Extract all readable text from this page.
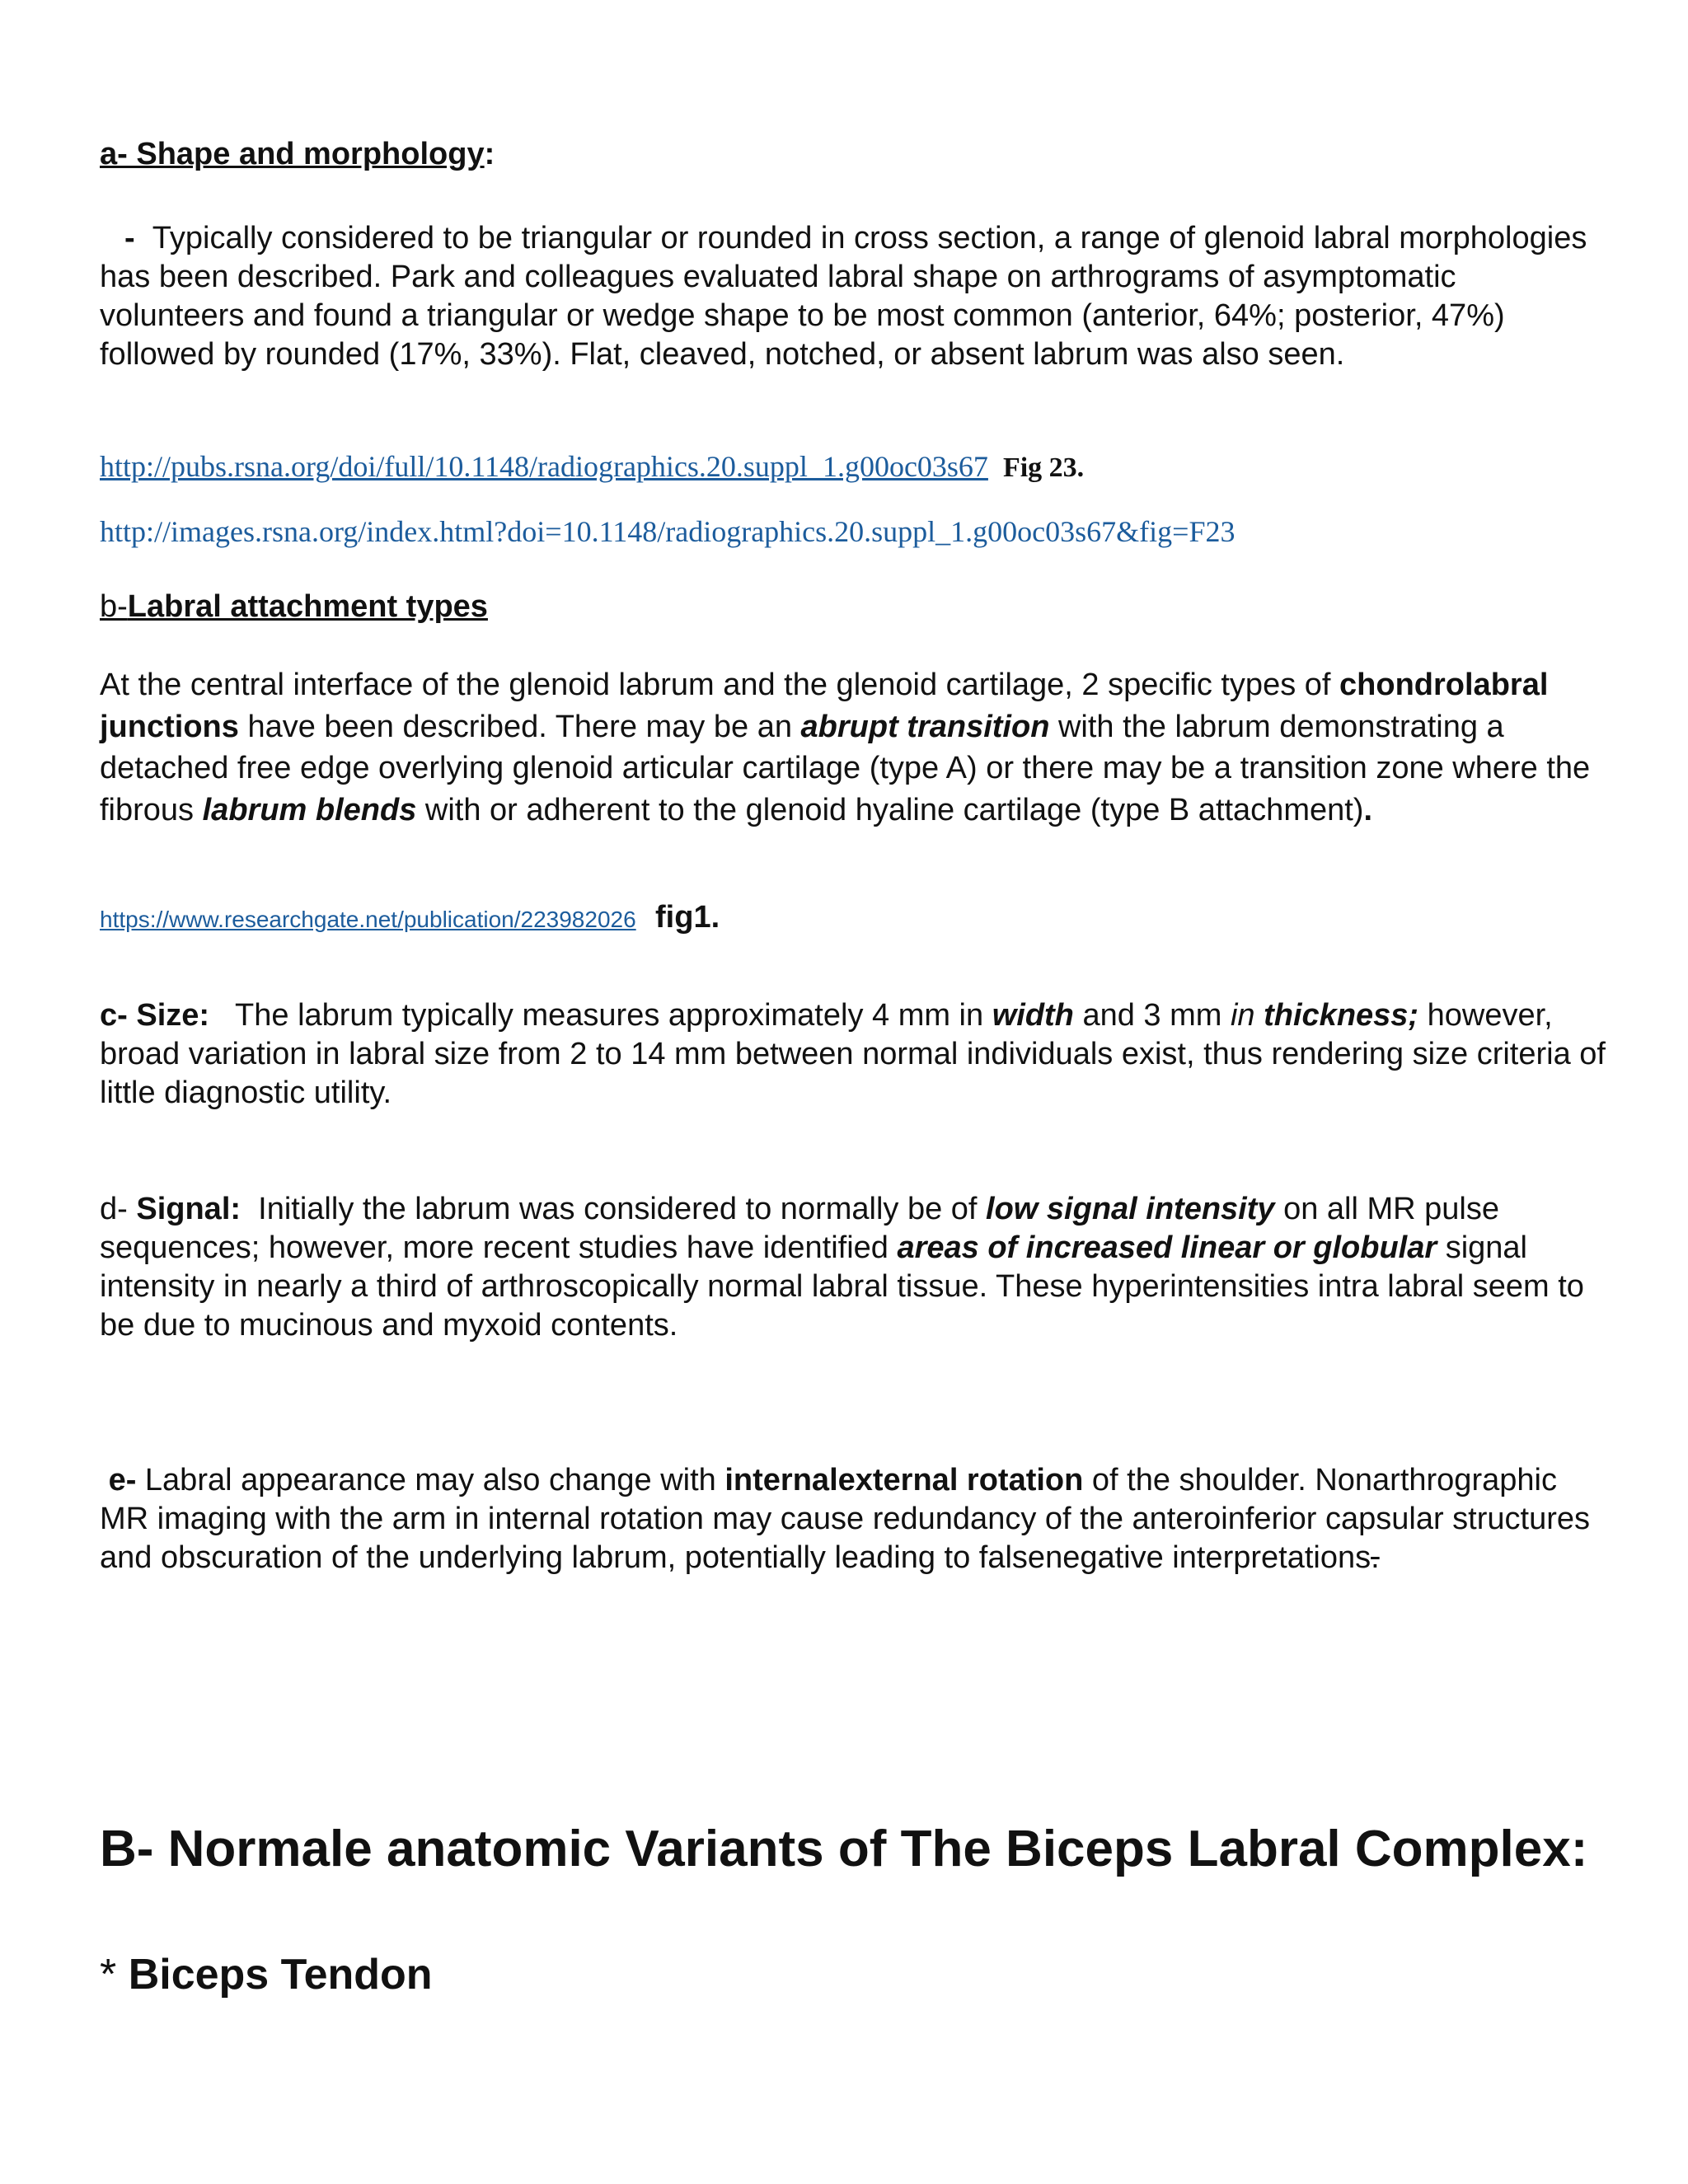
a- Shape and morphology:

- Typically considered to be triangular or rounded in cross section, a range of glenoid labral morphologies
has been described. Park and colleagues evaluated labral shape on arthrograms of asymptomatic volunteers and found a triangular or wedge shape to be most common (anterior, 64%; posterior, 47%) followed by rounded (17%, 33%). Flat, cleaved, notched, or absent labrum was also seen.

http://pubs.rsna.org/doi/full/10.1148/radiographics.20.suppl_1.g00oc03s67 Fig 23.

http://images.rsna.org/index.html?doi=10.1148/radiographics.20.suppl_1.g00oc03s67&fig=F23

b-Labral attachment types

At the central interface of the glenoid labrum and the glenoid cartilage, 2 specific types of chondrolabral junctions have been described. There may be an abrupt transition with the labrum demonstrating a detached free edge overlying glenoid articular cartilage (type A) or there may be a transition zone where the fibrous labrum blends with or adherent to the glenoid hyaline cartilage (type B attachment).

https://www.researchgate.net/publication/223982026 fig1.

c- Size:   The labrum typically measures approximately 4 mm in width and 3 mm in thickness; however, broad variation in labral size from 2 to 14 mm between normal individuals exist, thus rendering size criteria of little diagnostic utility.

d- Signal:  Initially the labrum was considered to normally be of low signal intensity on all MR pulse sequences; however, more recent studies have identified areas of increased linear or globular signal intensity in nearly a third of arthroscopically normal labral tissue. These hyperintensities intra labral seem to be due to mucinous and myxoid contents.

e- Labral appearance may also change with internalexternal rotation of the shoulder. Nonarthrographic MR imaging with the arm in internal rotation may cause redundancy of the anteroinferior capsular structures and obscuration of the underlying labrum, potentially leading to falsenegative interpretations.

B- Normale anatomic Variants of The Biceps Labral Complex:
* Biceps Tendon
